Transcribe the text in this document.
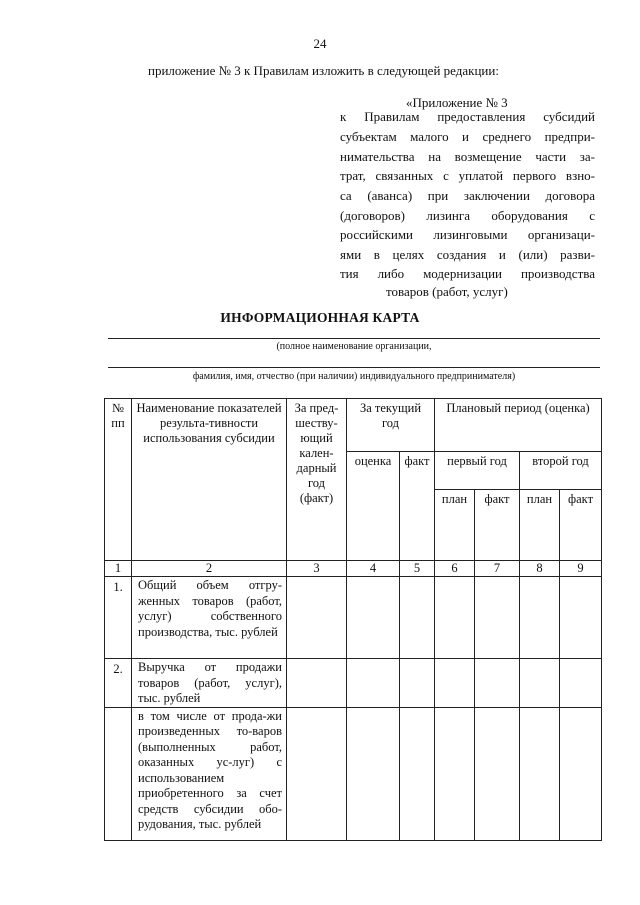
24
приложение № 3 к Правилам изложить в следующей редакции:
«Приложение № 3
к Правилам предоставления субсидий
субъектам малого и среднего предпри-
нимательства на возмещение части за-
трат, связанных с уплатой первого взно-
са (аванса) при заключении договора
(договоров) лизинга оборудования с
российскими лизинговыми организаци-
ями в целях создания и (или) разви-
тия либо модернизации производства
товаров (работ, услуг)
ИНФОРМАЦИОННАЯ КАРТА
(полное наименование организации,
фамилия, имя, отчество (при наличии) индивидуального предпринимателя)
№ пп	Наименование показателей результа-тивности использования субсидии	За пред-шеству-ющий кален-дарный год (факт)	За текущий год		Плановый период (оценка)			

			оценка	факт	первый год		второй год	

					план	факт	план	факт

1	2	3	4	5	6	7	8	9

1.	Общий объем отгру-женных товаров (работ, услуг) собственного производства, тыс. рублей							

2.	Выручка от продажи товаров (работ, услуг), тыс. рублей							

	в том числе от прода-жи произведенных то-варов (выполненных работ, оказанных ус-луг) с использованием приобретенного за счет средств субсидии обо-рудования, тыс. рублей							
